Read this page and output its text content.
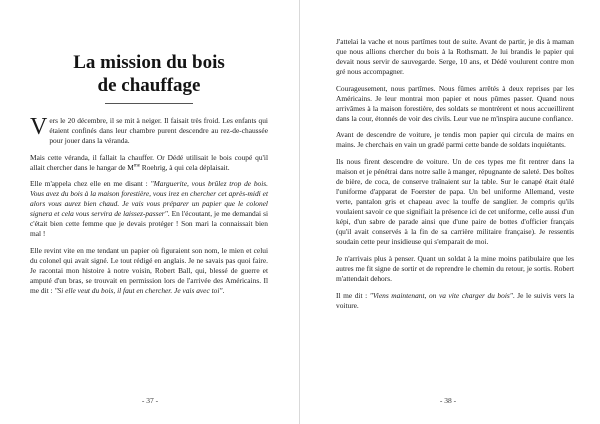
La mission du bois
de chauffage

Vers le 20 décembre, il se mit à neiger. Il faisait très froid. Les enfants qui étaient confinés dans leur chambre purent descendre au rez-de-chaussée pour jouer dans la véranda.

Mais cette véranda, il fallait la chauffer. Or Dédé utilisait le bois coupé qu'il allait chercher dans le hangar de $M^{me}$ Roehrig, à qui cela déplaisait.

Elle m'appela chez elle en me disant : "Marguerite, vous brûlez trop de bois. Vous avez du bois à la maison forestière, vous irez en chercher cet après-midi et alors vous aurez bien chaud. Je vais vous préparer un papier que le colonel signera et cela vous servira de laissez-passer". En l'écoutant, je me demandai si c'était bien cette femme que je devais protéger ! Son mari la connaissait bien mal !

Elle revint vite en me tendant un papier où figuraient son nom, le mien et celui du colonel qui avait signé. Le tout rédigé en anglais. Je ne savais pas quoi faire. Je racontai mon histoire à notre voisin, Robert Ball, qui, blessé de guerre et amputé d'un bras, se trouvait en permission lors de l'arrivée des Américains. Il me dit : "Si elle veut du bois, il faut en chercher. Je vais avec toi".

- 37 -

J'attelai la vache et nous partîmes tout de suite. Avant de partir, je dis à maman que nous allions chercher du bois à la Rothsmatt. Je lui brandis le papier qui devait nous servir de sauvegarde. Serge, 10 ans, et Dédé voulurent contre mon gré nous accompagner.

Courageusement, nous partîmes. Nous fûmes arrêtés à deux reprises par les Américains. Je leur montrai mon papier et nous pûmes passer. Quand nous arrivâmes à la maison forestière, des soldats se montrèrent et nous accueillirent dans la cour, étonnés de voir des civils. Leur vue ne m'inspira aucune confiance.

Avant de descendre de voiture, je tendis mon papier qui circula de mains en mains. Je cherchais en vain un gradé parmi cette bande de soldats inquiétants.

Ils nous firent descendre de voiture. Un de ces types me fit rentrer dans la maison et je pénétrai dans notre salle à manger, répugnante de saleté. Des boîtes de bière, de coca, de conserve traînaient sur la table. Sur le canapé était étalé l'uniforme d'apparat de Foerster de papa. Un bel uniforme Allemand, veste verte, pantalon gris et chapeau avec la touffe de sanglier. Je compris qu'ils voulaient savoir ce que signifiait la présence ici de cet uniforme, celle aussi d'un képi, d'un sabre de parade ainsi que d'une paire de bottes d'officier français (qu'il avait conservés à la fin de sa carrière militaire française). Je ressentis soudain cette peur insidieuse qui s'emparait de moi.

Je n'arrivais plus à penser. Quant un soldat à la mine moins patibulaire que les autres me fit signe de sortir et de reprendre le chemin du retour, je sortis. Robert m'attendait dehors.

Il me dit : "Viens maintenant, on va vite charger du bois". Je le suivis vers la voiture.

- 38 -
